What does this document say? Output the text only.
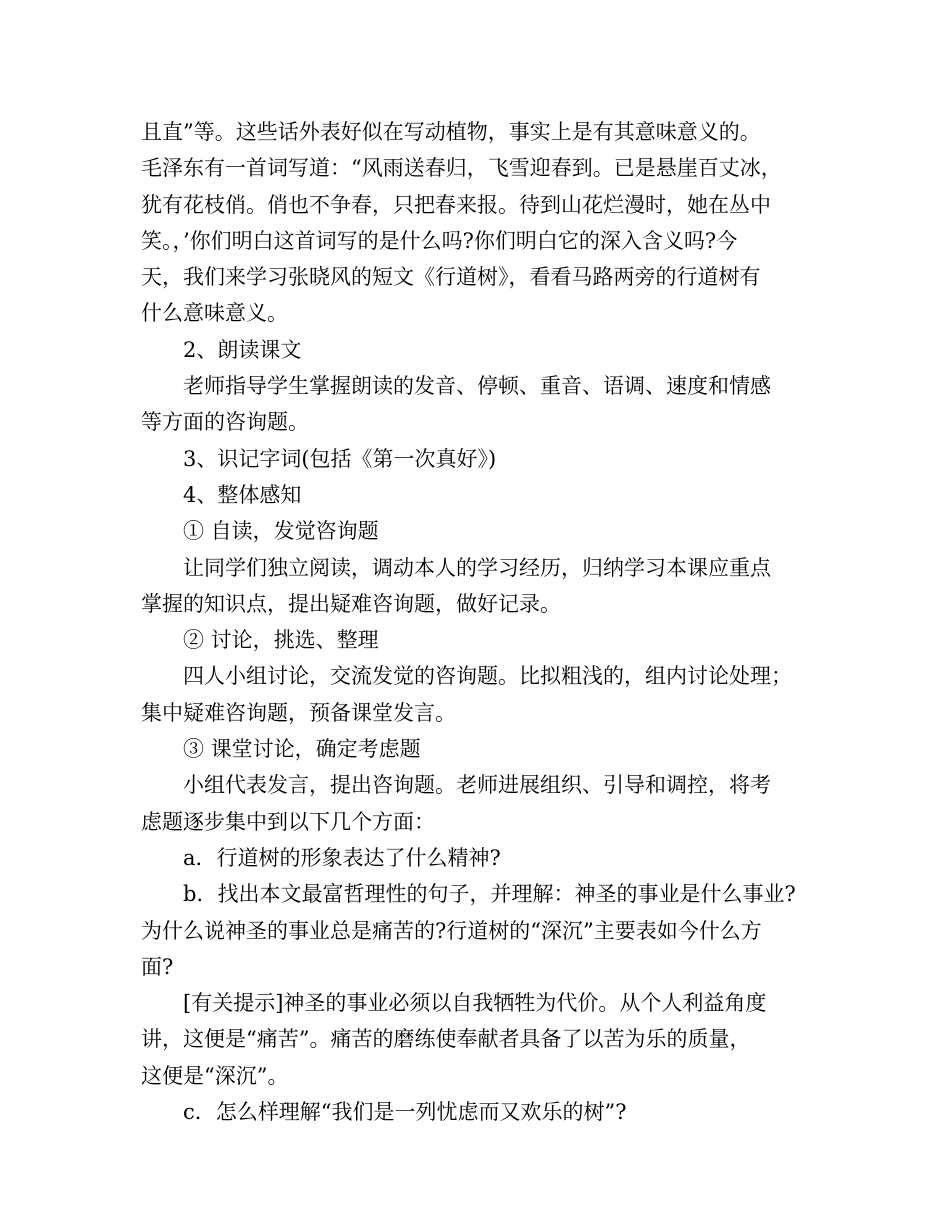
且直”等。这些话外表好似在写动植物，事实上是有其意味意义的。
毛泽东有一首词写道：“风雨送春归，飞雪迎春到。已是悬崖百丈冰，
犹有花枝俏。俏也不争春，只把春来报。待到山花烂漫时，她在丛中
笑。，’你们明白这首词写的是什么吗?你们明白它的深入含义吗?今
天，我们来学习张晓风的短文《行道树》，看看马路两旁的行道树有
什么意味意义。
2、朗读课文
老师指导学生掌握朗读的发音、停顿、重音、语调、速度和情感
等方面的咨询题。
3、识记字词(包括《第一次真好》)
4、整体感知
① 自读，发觉咨询题
让同学们独立阅读，调动本人的学习经历，归纳学习本课应重点
掌握的知识点，提出疑难咨询题，做好记录。
② 讨论，挑选、整理
四人小组讨论，交流发觉的咨询题。比拟粗浅的，组内讨论处理；
集中疑难咨询题，预备课堂发言。
③ 课堂讨论，确定考虑题
小组代表发言，提出咨询题。老师进展组织、引导和调控，将考
虑题逐步集中到以下几个方面：
a．行道树的形象表达了什么精神?
b．找出本文最富哲理性的句子，并理解：神圣的事业是什么事业?
为什么说神圣的事业总是痛苦的?行道树的“深沉”主要表如今什么方
面?
[有关提示]神圣的事业必须以自我牺牲为代价。从个人利益角度
讲，这便是“痛苦”。痛苦的磨练使奉献者具备了以苦为乐的质量，
这便是“深沉”。
c．怎么样理解“我们是一列忧虑而又欢乐的树”?
